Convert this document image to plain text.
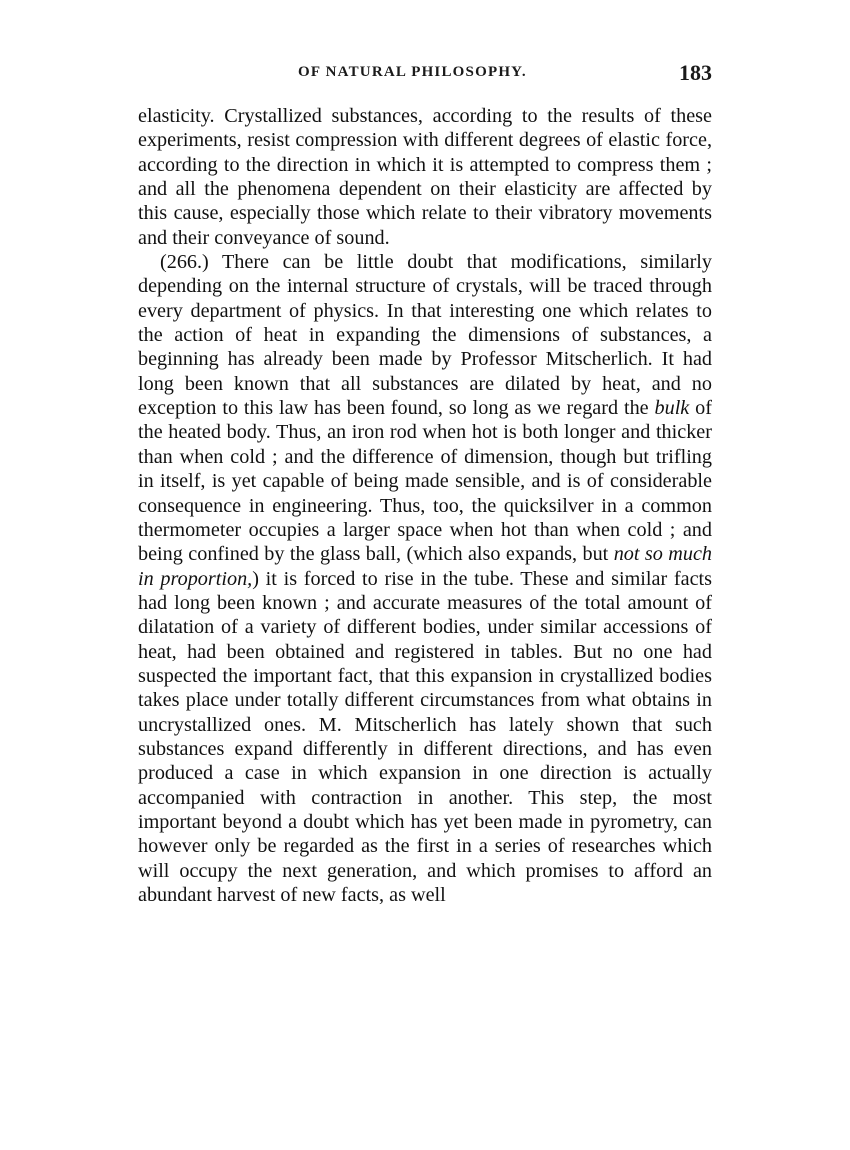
OF NATURAL PHILOSOPHY.	183

elasticity. Crystallized substances, according to the results of these experiments, resist compression with different degrees of elastic force, according to the direction in which it is attempted to compress them ; and all the phenomena dependent on their elasticity are affected by this cause, especially those which relate to their vibratory movements and their conveyance of sound.

(266.) There can be little doubt that modifications, similarly depending on the internal structure of crystals, will be traced through every department of physics. In that interesting one which relates to the action of heat in expanding the dimensions of substances, a beginning has already been made by Professor Mitscherlich. It had long been known that all substances are dilated by heat, and no exception to this law has been found, so long as we regard the bulk of the heated body. Thus, an iron rod when hot is both longer and thicker than when cold ; and the difference of dimension, though but trifling in itself, is yet capable of being made sensible, and is of considerable consequence in engineering. Thus, too, the quicksilver in a common thermometer occupies a larger space when hot than when cold ; and being confined by the glass ball, (which also expands, but not so much in proportion,) it is forced to rise in the tube. These and similar facts had long been known ; and accurate measures of the total amount of dilatation of a variety of different bodies, under similar accessions of heat, had been obtained and registered in tables. But no one had suspected the important fact, that this expansion in crystallized bodies takes place under totally different circumstances from what obtains in uncrystallized ones. M. Mitscherlich has lately shown that such substances expand differently in different directions, and has even produced a case in which expansion in one direction is actually accompanied with contraction in another. This step, the most important beyond a doubt which has yet been made in pyrometry, can however only be regarded as the first in a series of researches which will occupy the next generation, and which promises to afford an abundant harvest of new facts, as well
